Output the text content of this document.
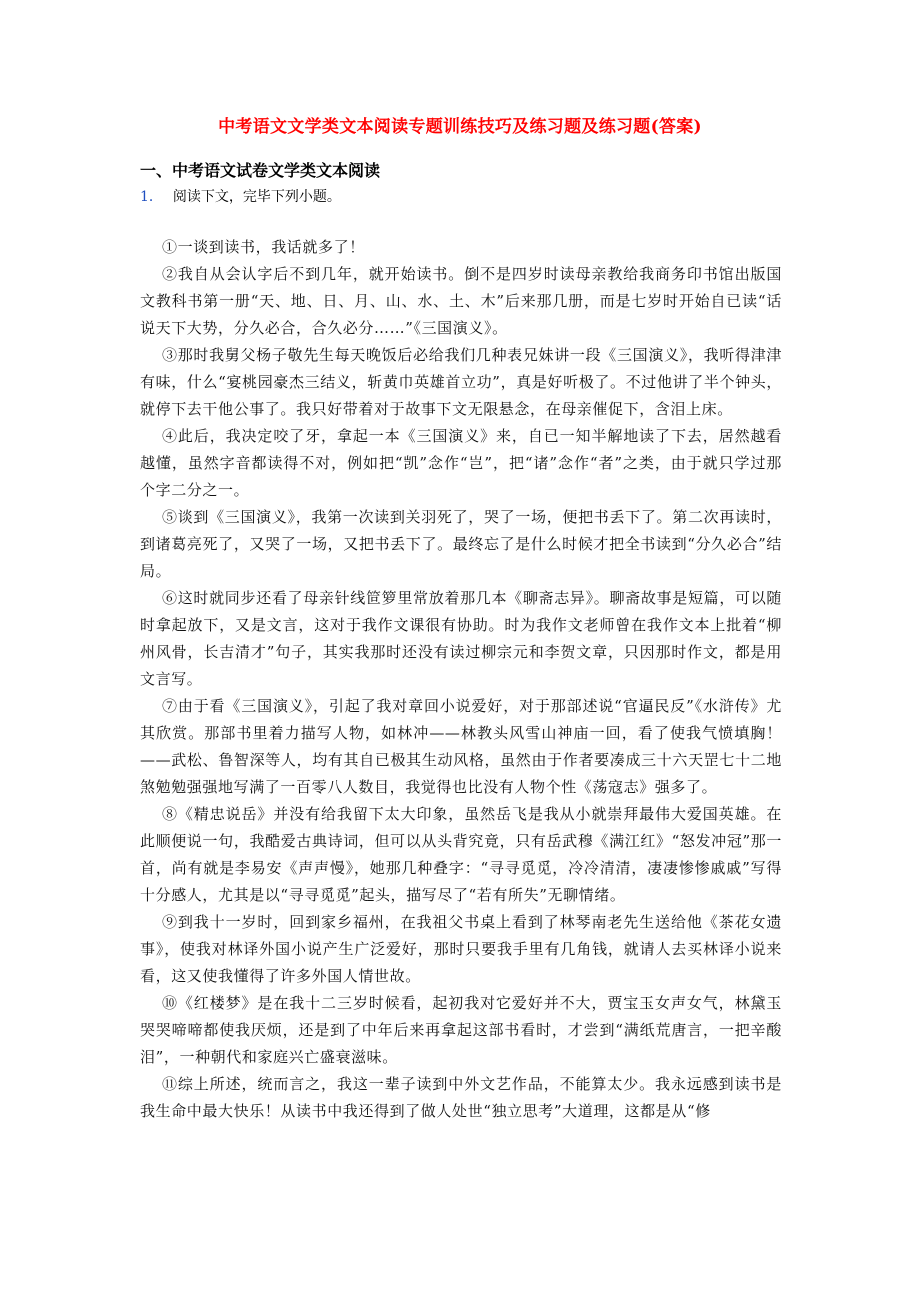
中考语文文学类文本阅读专题训练技巧及练习题及练习题(答案)
一、中考语文试卷文学类文本阅读
1． 阅读下文，完毕下列小题。

①一谈到读书，我话就多了！

②我自从会认字后不到几年，就开始读书。倒不是四岁时读母亲教给我商务印书馆出版国文教科书第一册“天、地、日、月、山、水、土、木”后来那几册，而是七岁时开始自已读“话说天下大势，分久必合，合久必分……”《三国演义》。

③那时我舅父杨子敬先生每天晚饭后必给我们几种表兄妹讲一段《三国演义》，我听得津津有味，什么“宴桃园豪杰三结义，斩黄巾英雄首立功”，真是好听极了。不过他讲了半个钟头，就停下去干他公事了。我只好带着对于故事下文无限悬念，在母亲催促下，含泪上床。

④此后，我决定咬了牙，拿起一本《三国演义》来，自已一知半解地读了下去，居然越看越懂，虽然字音都读得不对，例如把“凯”念作“岂”，把“诸”念作“者”之类，由于就只学过那个字二分之一。

⑤谈到《三国演义》，我第一次读到关羽死了，哭了一场，便把书丢下了。第二次再读时，到诸葛亮死了，又哭了一场，又把书丢下了。最终忘了是什么时候才把全书读到“分久必合”结局。

⑥这时就同步还看了母亲针线笸箩里常放着那几本《聊斋志异》。聊斋故事是短篇，可以随时拿起放下，又是文言，这对于我作文课很有协助。时为我作文老师曾在我作文本上批着“柳州风骨，长吉清才”句子，其实我那时还没有读过柳宗元和李贺文章，只因那时作文，都是用文言写。

⑦由于看《三国演义》，引起了我对章回小说爱好，对于那部述说“官逼民反”《水浒传》尤其欣赏。那部书里着力描写人物，如林冲——林教头风雪山神庙一回，看了使我气愤填胸！——武松、鲁智深等人，均有其自已极其生动风格，虽然由于作者要凑成三十六天罡七十二地煞勉勉强强地写满了一百零八人数目，我觉得也比没有人物个性《荡寇志》强多了。

⑧《精忠说岳》并没有给我留下太大印象，虽然岳飞是我从小就崇拜最伟大爱国英雄。在此顺便说一句，我酷爱古典诗词，但可以从头背究竟，只有岳武穆《满江红》“怒发冲冠”那一首，尚有就是李易安《声声慢》，她那几种叠字：“寻寻觅觅，冷冷清清，凄凄惨惨戚戚”写得十分感人，尤其是以“寻寻觅觅”起头，描写尽了“若有所失”无聊情绪。

⑨到我十一岁时，回到家乡福州，在我祖父书桌上看到了林琴南老先生送给他《茶花女遗事》，使我对林译外国小说产生广泛爱好，那时只要我手里有几角钱，就请人去买林译小说来看，这又使我懂得了许多外国人情世故。

⑩《红楼梦》是在我十二三岁时候看，起初我对它爱好并不大，贾宝玉女声女气，林黛玉哭哭啼啼都使我厌烦，还是到了中年后来再拿起这部书看时，才尝到“满纸荒唐言，一把辛酸泪”，一种朝代和家庭兴亡盛衰滋味。

⑪综上所述，统而言之，我这一辈子读到中外文艺作品，不能算太少。我永远感到读书是我生命中最大快乐！从读书中我还得到了做人处世“独立思考”大道理，这都是从“修
